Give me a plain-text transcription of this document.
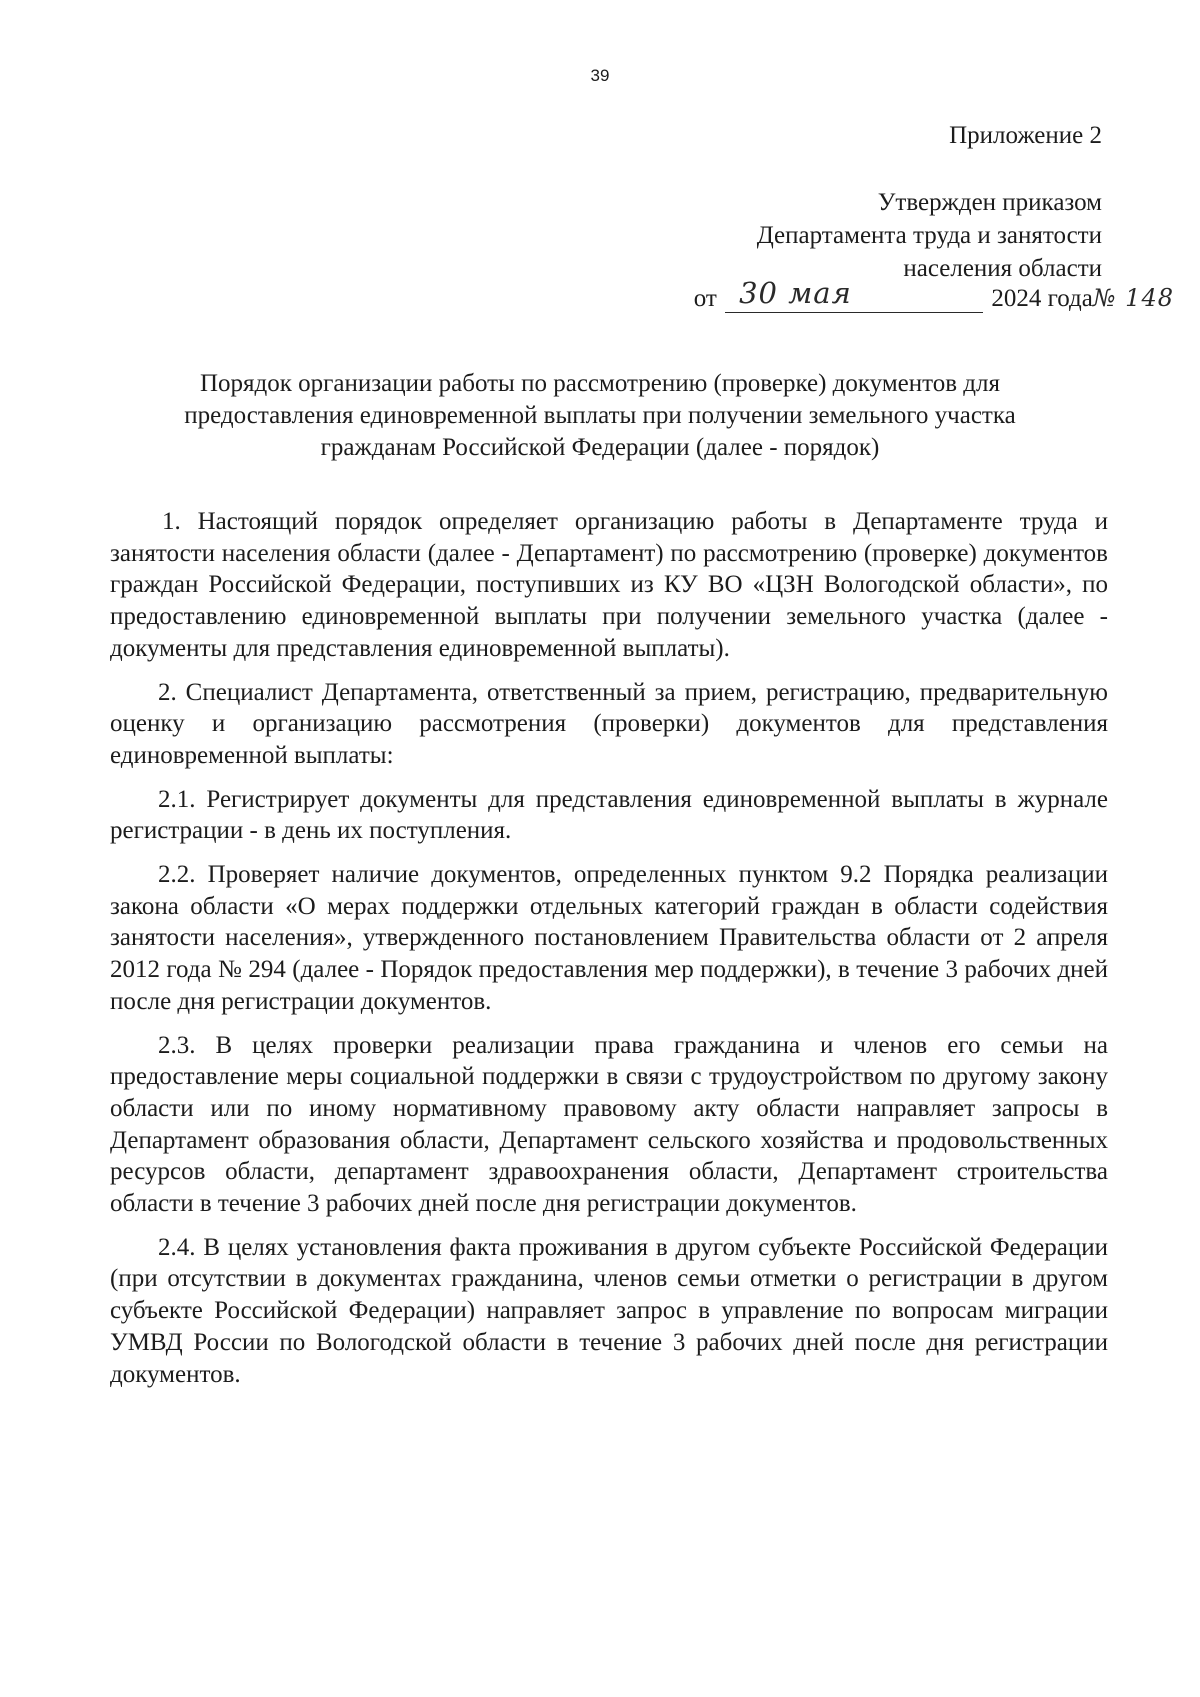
39
Приложение 2
Утвержден приказом
Департамента труда и занятости
населения области
от 30 мая	2024 года№ 148
Порядок организации работы по рассмотрению (проверке) документов для
предоставления единовременной выплаты при получении земельного участка
гражданам Российской Федерации (далее - порядок)

1. Настоящий порядок определяет организацию работы в Департаменте труда и занятости населения области (далее - Департамент) по рассмотрению (проверке) документов граждан Российской Федерации, поступивших из КУ ВО «ЦЗН Вологодской области», по предоставлению единовременной выплаты при получении земельного участка (далее - документы для представления единовременной выплаты).

2. Специалист Департамента, ответственный за прием, регистрацию, предварительную оценку и организацию рассмотрения (проверки) документов для представления единовременной выплаты:

2.1. Регистрирует документы для представления единовременной выплаты в журнале регистрации - в день их поступления.

2.2. Проверяет наличие документов, определенных пунктом 9.2 Порядка реализации закона области «О мерах поддержки отдельных категорий граждан в области содействия занятости населения», утвержденного постановлением Правительства области от 2 апреля 2012 года № 294 (далее - Порядок предоставления мер поддержки), в течение 3 рабочих дней после дня регистрации документов.

2.3. В целях проверки реализации права гражданина и членов его семьи на предоставление меры социальной поддержки в связи с трудоустройством по другому закону области или по иному нормативному правовому акту области направляет запросы в Департамент образования области, Департамент сельского хозяйства и продовольственных ресурсов области, департамент здравоохранения области, Департамент строительства области в течение 3 рабочих дней после дня регистрации документов.

2.4. В целях установления факта проживания в другом субъекте Российской Федерации (при отсутствии в документах гражданина, членов семьи отметки о регистрации в другом субъекте Российской Федерации) направляет запрос в управление по вопросам миграции УМВД России по Вологодской области в течение 3 рабочих дней после дня регистрации документов.
